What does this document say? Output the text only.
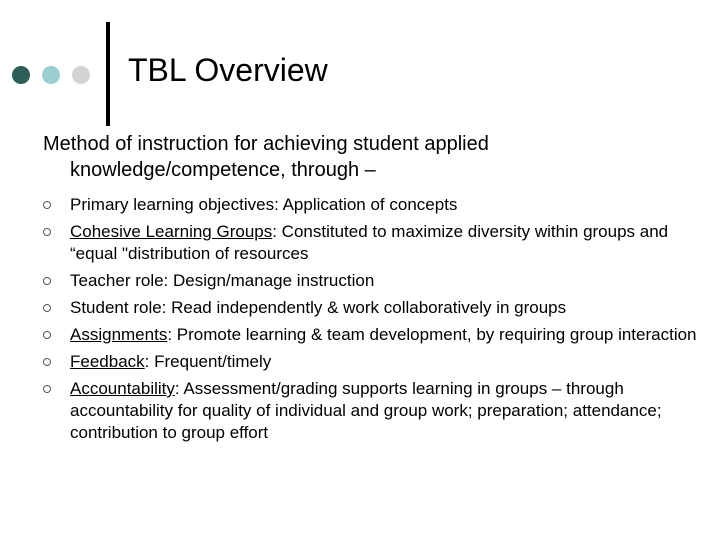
TBL Overview
Method of instruction for achieving student applied
knowledge/competence, through –
Primary learning objectives: Application of concepts
Cohesive Learning Groups: Constituted to maximize diversity within groups and “equal "distribution of resources
Teacher role: Design/manage instruction
Student role: Read independently & work collaboratively in groups
Assignments: Promote learning & team development, by requiring group interaction
Feedback: Frequent/timely
Accountability: Assessment/grading supports learning in groups – through accountability for quality of individual and group work; preparation; attendance; contribution to group effort
